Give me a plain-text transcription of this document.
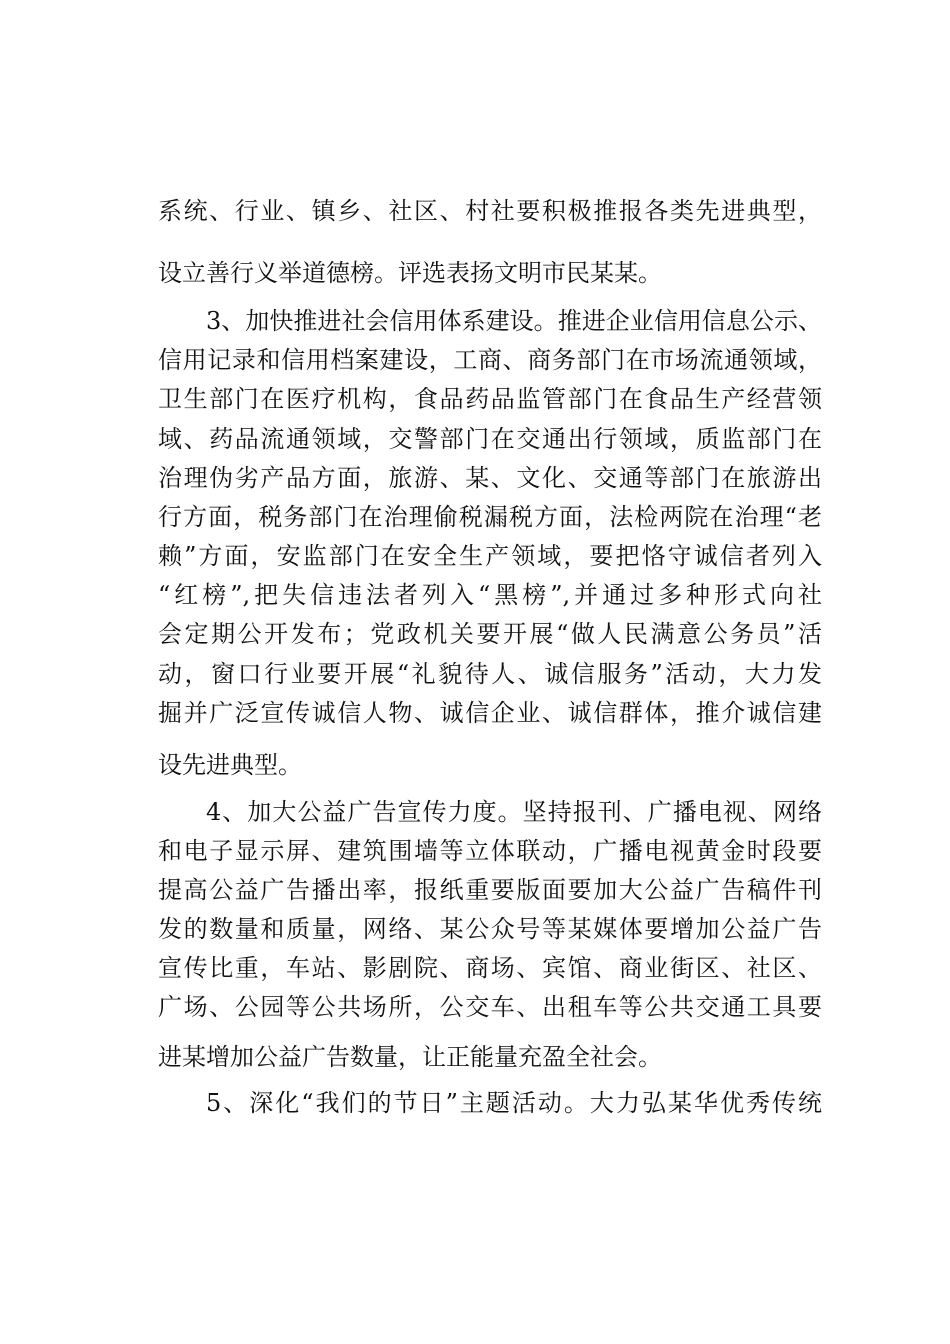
系统、行业、镇乡、社区、村社要积极推报各类先进典型，
设立善行义举道德榜。评选表扬文明市民某某。
3、加快推进社会信用体系建设。推进企业信用信息公示、
信用记录和信用档案建设，工商、商务部门在市场流通领域，
卫生部门在医疗机构，食品药品监管部门在食品生产经营领
域、药品流通领域，交警部门在交通出行领域，质监部门在
治理伪劣产品方面，旅游、某、文化、交通等部门在旅游出
行方面，税务部门在治理偷税漏税方面，法检两院在治理“老
赖”方面，安监部门在安全生产领域，要把恪守诚信者列入
“红榜”,把失信违法者列入“黑榜”,并通过多种形式向社
会定期公开发布；党政机关要开展“做人民满意公务员”活
动，窗口行业要开展“礼貌待人、诚信服务”活动，大力发
掘并广泛宣传诚信人物、诚信企业、诚信群体，推介诚信建
设先进典型。
4、加大公益广告宣传力度。坚持报刊、广播电视、网络
和电子显示屏、建筑围墙等立体联动，广播电视黄金时段要
提高公益广告播出率，报纸重要版面要加大公益广告稿件刊
发的数量和质量，网络、某公众号等某媒体要增加公益广告
宣传比重，车站、影剧院、商场、宾馆、商业街区、社区、
广场、公园等公共场所，公交车、出租车等公共交通工具要
进某增加公益广告数量，让正能量充盈全社会。
5、深化“我们的节日”主题活动。大力弘某华优秀传统
